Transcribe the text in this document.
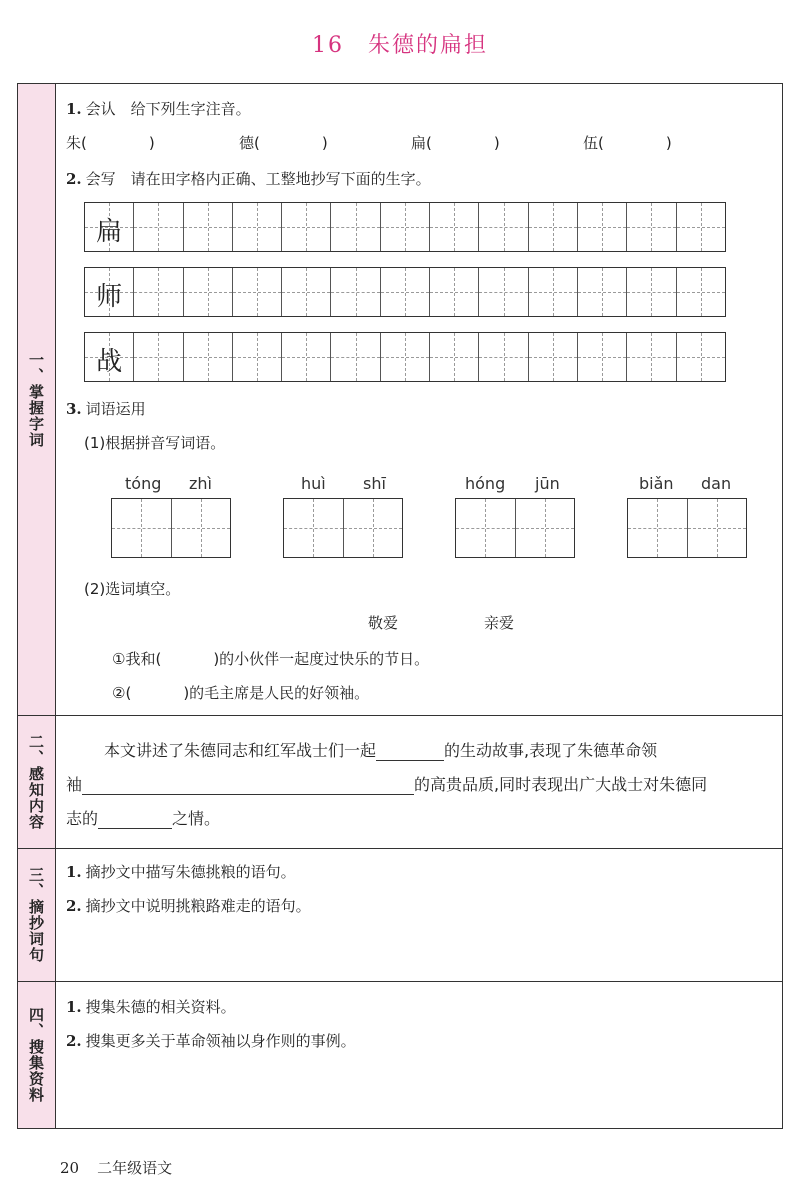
16 朱德的扁担
一、掌握字词
1. 会认　给下列生字注音。
朱(	)	德(	)	扁(	)	伍(	)
2. 会写　请在田字格内正确、工整地抄写下面的生字。
扁
师
战
3. 词语运用
(1)根据拼音写词语。
tóng zhì	huì shī	hóng jūn	biǎn dan
(2)选词填空。
敬爱	亲爱
①我和(	)的小伙伴一起度过快乐的节日。
②(	)的毛主席是人民的好领袖。
二、感知内容	本文讲述了朱德同志和红军战士们一起	的生动故事,表现了朱德革命领
袖	的高贵品质,同时表现出广大战士对朱德同
志的	之情。
三、摘抄词句 1. 摘抄文中描写朱德挑粮的语句。
2. 摘抄文中说明挑粮路难走的语句。
四、搜集资料 1. 搜集朱德的相关资料。
2. 搜集更多关于革命领袖以身作则的事例。
20 二年级语文
